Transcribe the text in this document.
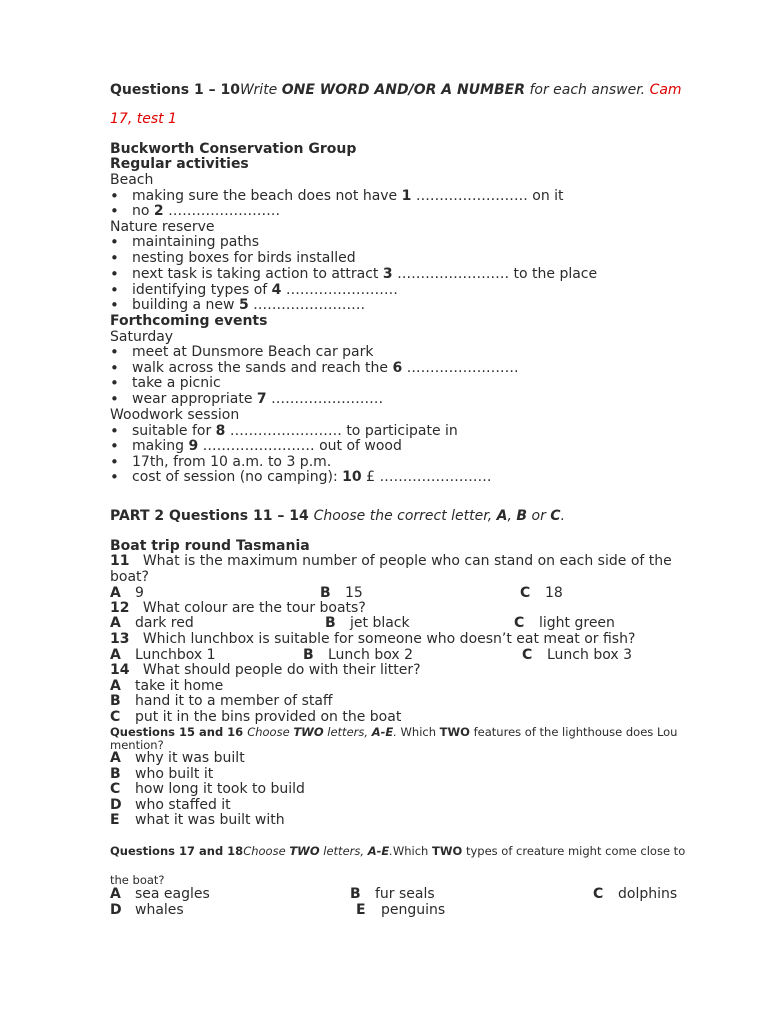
Questions 1 – 10Write ONE WORD AND/OR A NUMBER for each answer. Cam
17, test 1
Buckworth Conservation Group
Regular activities
Beach
• making sure the beach does not have 1 …………………… on it
• no 2 ……………………
Nature reserve
• maintaining paths
• nesting boxes for birds installed
• next task is taking action to attract 3 …………………… to the place
• identifying types of 4 ……………………
• building a new 5 ……………………
Forthcoming events
Saturday
• meet at Dunsmore Beach car park
• walk across the sands and reach the 6 ……………………
• take a picnic
• wear appropriate 7 ……………………
Woodwork session
• suitable for 8 …………………… to participate in
• making 9 …………………… out of wood
• 17th, from 10 a.m. to 3 p.m.
• cost of session (no camping): 10 £ ……………………
PART 2 Questions 11 – 14 Choose the correct letter, A, B or C.
Boat trip round Tasmania
11 What is the maximum number of people who can stand on each side of the
boat?
A 9	B 15	C 18
12 What colour are the tour boats?
A dark red	B jet black	C light green
13 Which lunchbox is suitable for someone who doesn’t eat meat or fish?
A Lunchbox 1	B Lunch box 2	C Lunch box 3
14 What should people do with their litter?
A take it home
B hand it to a member of staff
C put it in the bins provided on the boat
Questions 15 and 16 Choose TWO letters, A-E. Which TWO features of the lighthouse does Lou
mention?
A why it was built
B who built it
C how long it took to build
D who staffed it
E what it was built with
Questions 17 and 18Choose TWO letters, A-E.Which TWO types of creature might come close to
the boat?
A sea eagles	B fur seals	C dolphins
D whales	E penguins
